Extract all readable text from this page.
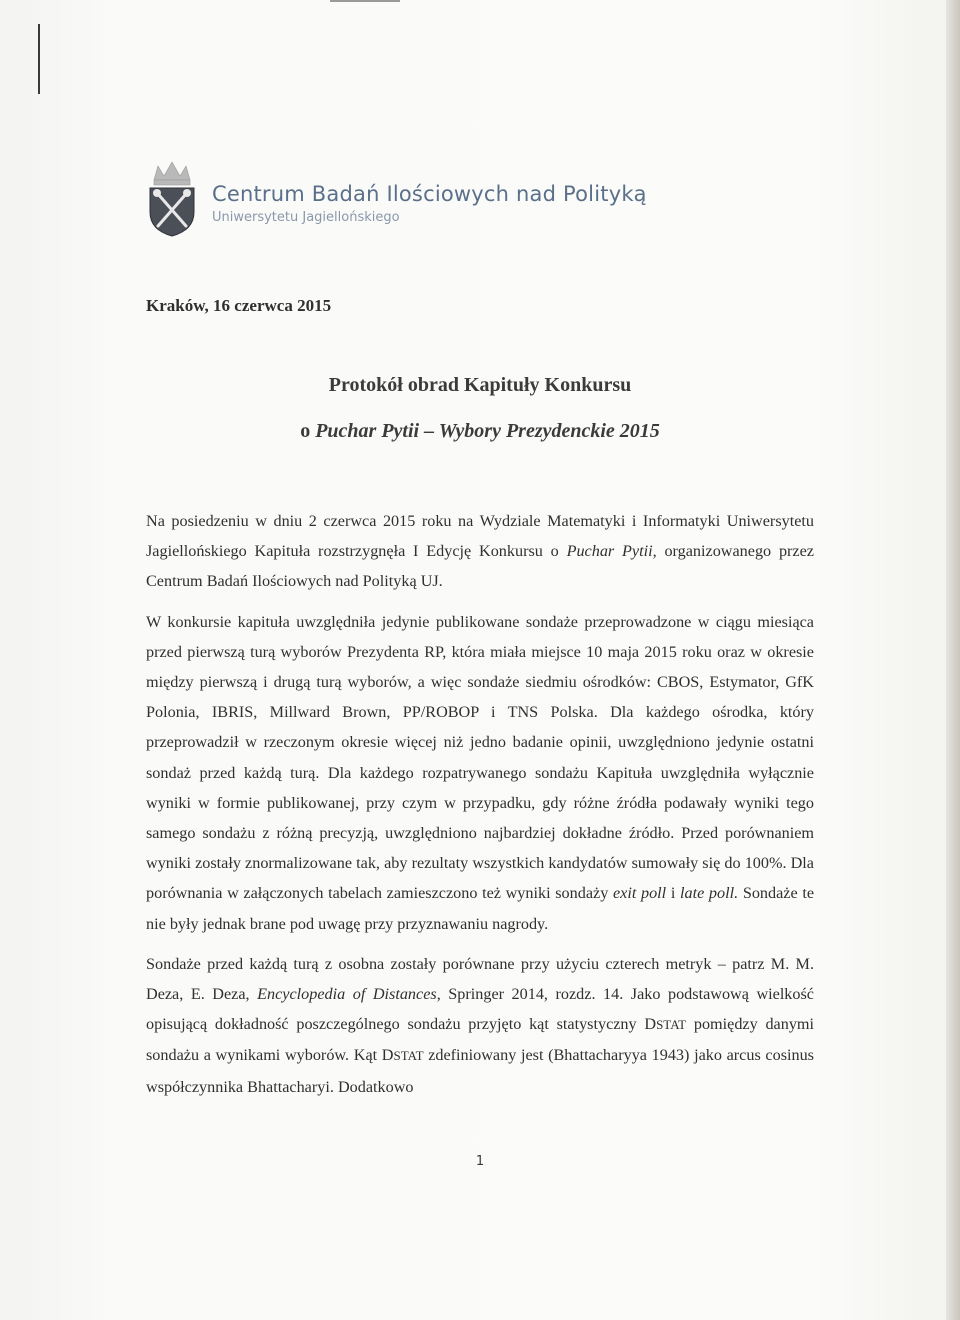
Centrum Badań Ilościowych nad Polityką
Uniwersytetu Jagiellońskiego
Kraków, 16 czerwca 2015
Protokół obrad Kapituły Konkursu
o Puchar Pytii – Wybory Prezydenckie 2015

Na posiedzeniu w dniu 2 czerwca 2015 roku na Wydziale Matematyki i Informatyki Uniwersytetu Jagiellońskiego Kapituła rozstrzygnęła I Edycję Konkursu o Puchar Pytii, organizowanego przez Centrum Badań Ilościowych nad Polityką UJ.

W konkursie kapituła uwzględniła jedynie publikowane sondaże przeprowadzone w ciągu miesiąca przed pierwszą turą wyborów Prezydenta RP, która miała miejsce 10 maja 2015 roku oraz w okresie między pierwszą i drugą turą wyborów, a więc sondaże siedmiu ośrodków: CBOS, Estymator, GfK Polonia, IBRIS, Millward Brown, PP/ROBOP i TNS Polska. Dla każdego ośrodka, który przeprowadził w rzeczonym okresie więcej niż jedno badanie opinii, uwzględniono jedynie ostatni sondaż przed każdą turą. Dla każdego rozpatrywanego sondażu Kapituła uwzględniła wyłącznie wyniki w formie publikowanej, przy czym w przypadku, gdy różne źródła podawały wyniki tego samego sondażu z różną precyzją, uwzględniono najbardziej dokładne źródło. Przed porównaniem wyniki zostały znormalizowane tak, aby rezultaty wszystkich kandydatów sumowały się do 100%. Dla porównania w załączonych tabelach zamieszczono też wyniki sondaży exit poll i late poll. Sondaże te nie były jednak brane pod uwagę przy przyznawaniu nagrody.

Sondaże przed każdą turą z osobna zostały porównane przy użyciu czterech metryk – patrz M. M. Deza, E. Deza, Encyclopedia of Distances, Springer 2014, rozdz. 14. Jako podstawową wielkość opisującą dokładność poszczególnego sondażu przyjęto kąt statystyczny DSTAT pomiędzy danymi sondażu a wynikami wyborów. Kąt DSTAT zdefiniowany jest (Bhattacharyya 1943) jako arcus cosinus współczynnika Bhattacharyi. Dodatkowo

1
